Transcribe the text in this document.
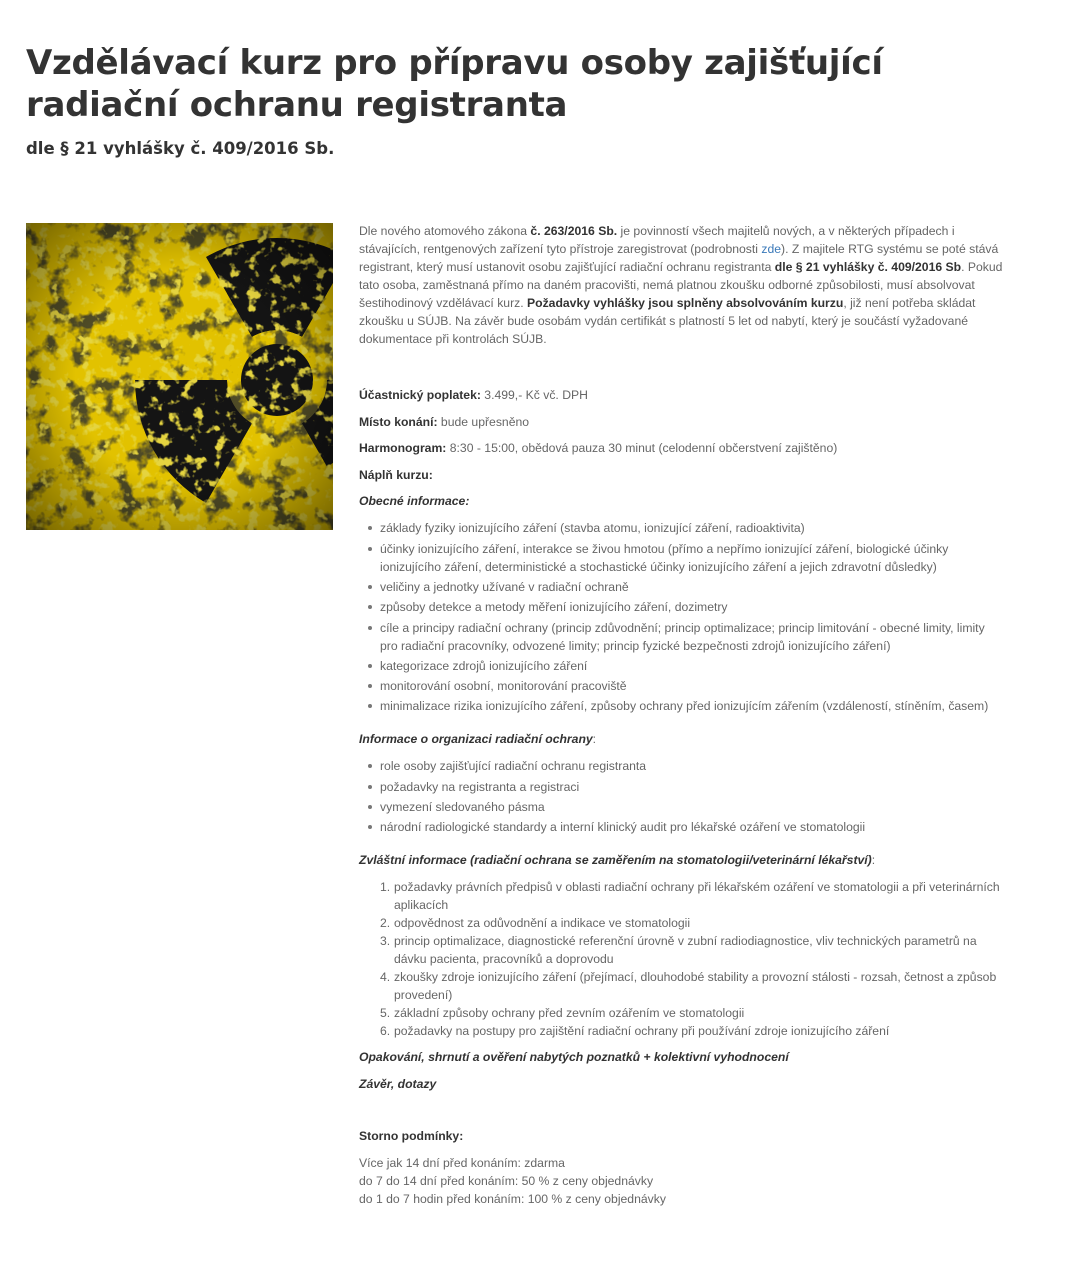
Vzdělávací kurz pro přípravu osoby zajišťující radiační ochranu registranta
dle § 21 vyhlášky č. 409/2016 Sb.

Dle nového atomového zákona č. 263/2016 Sb. je povinností všech majitelů nových, a v některých případech i stávajících, rentgenových zařízení tyto přístroje zaregistrovat (podrobnosti zde). Z majitele RTG systému se poté stává registrant, který musí ustanovit osobu zajišťující radiační ochranu registranta dle § 21 vyhlášky č. 409/2016 Sb. Pokud tato osoba, zaměstnaná přímo na daném pracovišti, nemá platnou zkoušku odborné způsobilosti, musí absolvovat šestihodinový vzdělávací kurz. Požadavky vyhlášky jsou splněny absolvováním kurzu, již není potřeba skládat zkoušku u SÚJB. Na závěr bude osobám vydán certifikát s platností 5 let od nabytí, který je součástí vyžadované dokumentace při kontrolách SÚJB.

Účastnický poplatek: 3.499,- Kč vč. DPH

Místo konání: bude upřesněno

Harmonogram: 8:30 - 15:00, obědová pauza 30 minut (celodenní občerstvení zajištěno)

Náplň kurzu:

Obecné informace:

základy fyziky ionizujícího záření (stavba atomu, ionizující záření, radioaktivita)
účinky ionizujícího záření, interakce se živou hmotou (přímo a nepřímo ionizující záření, biologické účinky ionizujícího záření, deterministické a stochastické účinky ionizujícího záření a jejich zdravotní důsledky)
veličiny a jednotky užívané v radiační ochraně
způsoby detekce a metody měření ionizujícího záření, dozimetry
cíle a principy radiační ochrany (princip zdůvodnění; princip optimalizace; princip limitování - obecné limity, limity pro radiační pracovníky, odvozené limity; princip fyzické bezpečnosti zdrojů ionizujícího záření)
kategorizace zdrojů ionizujícího záření
monitorování osobní, monitorování pracoviště
minimalizace rizika ionizujícího záření, způsoby ochrany před ionizujícím zářením (vzdáleností, stíněním, časem)

Informace o organizaci radiační ochrany:

role osoby zajišťující radiační ochranu registranta
požadavky na registranta a registraci
vymezení sledovaného pásma
národní radiologické standardy a interní klinický audit pro lékařské ozáření ve stomatologii

Zvláštní informace (radiační ochrana se zaměřením na stomatologii/veterinární lékařství):

1. požadavky právních předpisů v oblasti radiační ochrany při lékařském ozáření ve stomatologii a při veterinárních aplikacích
2. odpovědnost za odůvodnění a indikace ve stomatologii
3. princip optimalizace, diagnostické referenční úrovně v zubní radiodiagnostice, vliv technických parametrů na dávku pacienta, pracovníků a doprovodu
4. zkoušky zdroje ionizujícího záření (přejímací, dlouhodobé stability a provozní stálosti - rozsah, četnost a způsob provedení)
5. základní způsoby ochrany před zevním ozářením ve stomatologii
6. požadavky na postupy pro zajištění radiační ochrany při používání zdroje ionizujícího záření

Opakování, shrnutí a ověření nabytých poznatků + kolektivní vyhodnocení

Závěr, dotazy

Storno podmínky:

Více jak 14 dní před konáním: zdarma

do 7 do 14 dní před konáním: 50 % z ceny objednávky

do 1 do 7 hodin před konáním: 100 % z ceny objednávky
